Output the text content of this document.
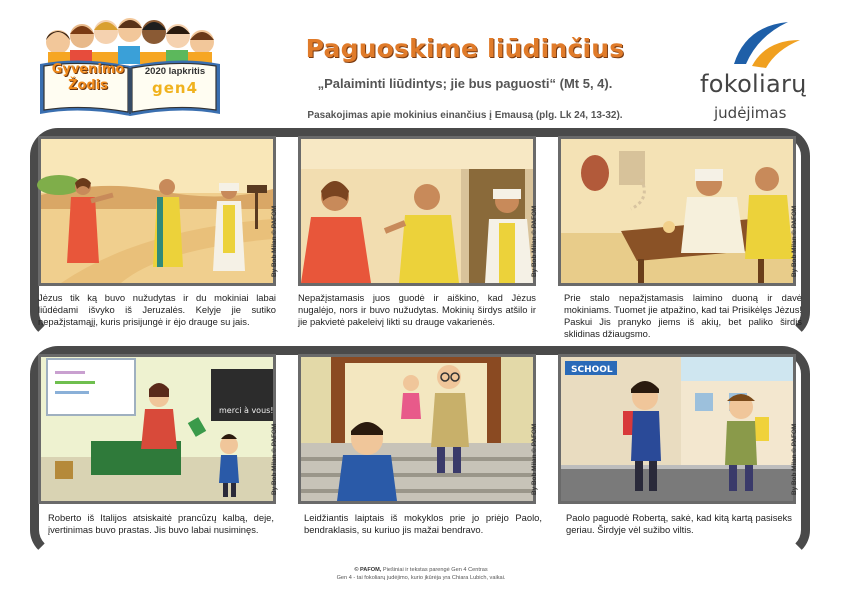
Gyvenimo
Žodis
2020 lapkritis
gen4
Paguoskime liūdinčius
„Palaiminti liūdintys; jie bus paguosti“ (Mt 5, 4).
Pasakojimas apie mokinius einančius į Emausą (plg. Lk 24, 13-32).
fokoliarų
judėjimas
By Bob Milan © PAFOM
Jėzus tik ką buvo nužudytas ir du mokiniai labai liūdėdami išvyko iš Jeruzalės. Kelyje jie sutiko nepažįstamąjį, kuris prisijungė ir ėjo drauge su jais.
By Bob Milan © PAFOM
Nepažįstamasis juos guodė ir aiškino, kad Jėzus nugalėjo, nors ir buvo nužudytas. Mokinių širdys atšilo ir jie pakvietė pakeleivį likti su drauge vakarienės.
By Bob Milan © PAFOM
Prie stalo nepažįstamasis laimino duoną ir davė mokiniams. Tuomet jie atpažino, kad tai Prisikėlęs Jėzus! Paskui Jis pranyko jiems iš akių, bet paliko širdis sklidinas džiaugsmo.
merci à vous!
By Bob Milan © PAFOM
Roberto iš Italijos atsiskaitė prancūzų kalbą, deje, įvertinimas buvo prastas. Jis buvo labai nusiminęs.
By Bob Milan © PAFOM
Leidžiantis laiptais iš mokyklos prie jo priėjo Paolo, bendraklasis, su kuriuo jis mažai bendravo.
SCHOOL
By Bob Milan © PAFOM
Paolo paguodė Robertą, sakė, kad kitą kartą pasiseks geriau. Širdyje vėl sužibo viltis.
© PAFOM, Piešiniai ir tekstas parengė Gen 4 Centras
Gen 4 - tai fokoliarų judėjimo, kurio įkūrėja yra Chiara Lubich, vaikai.
